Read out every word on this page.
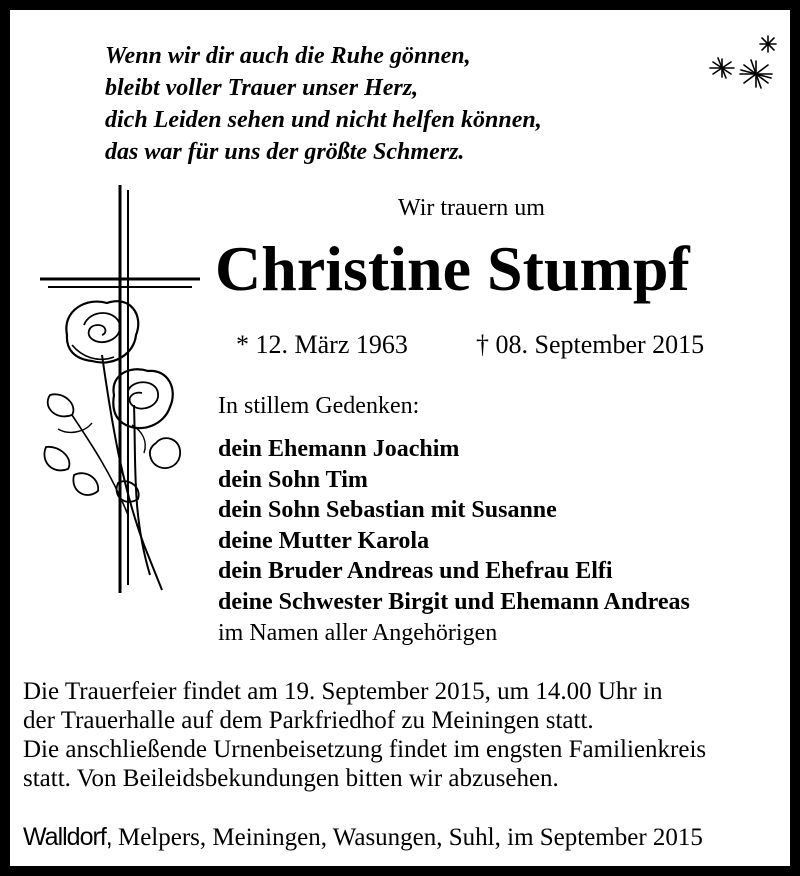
Wenn wir dir auch die Ruhe gönnen,
bleibt voller Trauer unser Herz,
dich Leiden sehen und nicht helfen können,
das war für uns der größte Schmerz.
Wir trauern um
Christine Stumpf
* 12. März 1963	† 08. September 2015
In stillem Gedenken:
dein Ehemann Joachim
dein Sohn Tim
dein Sohn Sebastian mit Susanne
deine Mutter Karola
dein Bruder Andreas und Ehefrau Elfi
deine Schwester Birgit und Ehemann Andreas
im Namen aller Angehörigen
Die Trauerfeier findet am 19. September 2015, um 14.00 Uhr in
der Trauerhalle auf dem Parkfriedhof zu Meiningen statt.
Die anschließende Urnenbeisetzung findet im engsten Familienkreis
statt. Von Beileidsbekundungen bitten wir abzusehen.
Walldorf, Melpers, Meiningen, Wasungen, Suhl, im September 2015
